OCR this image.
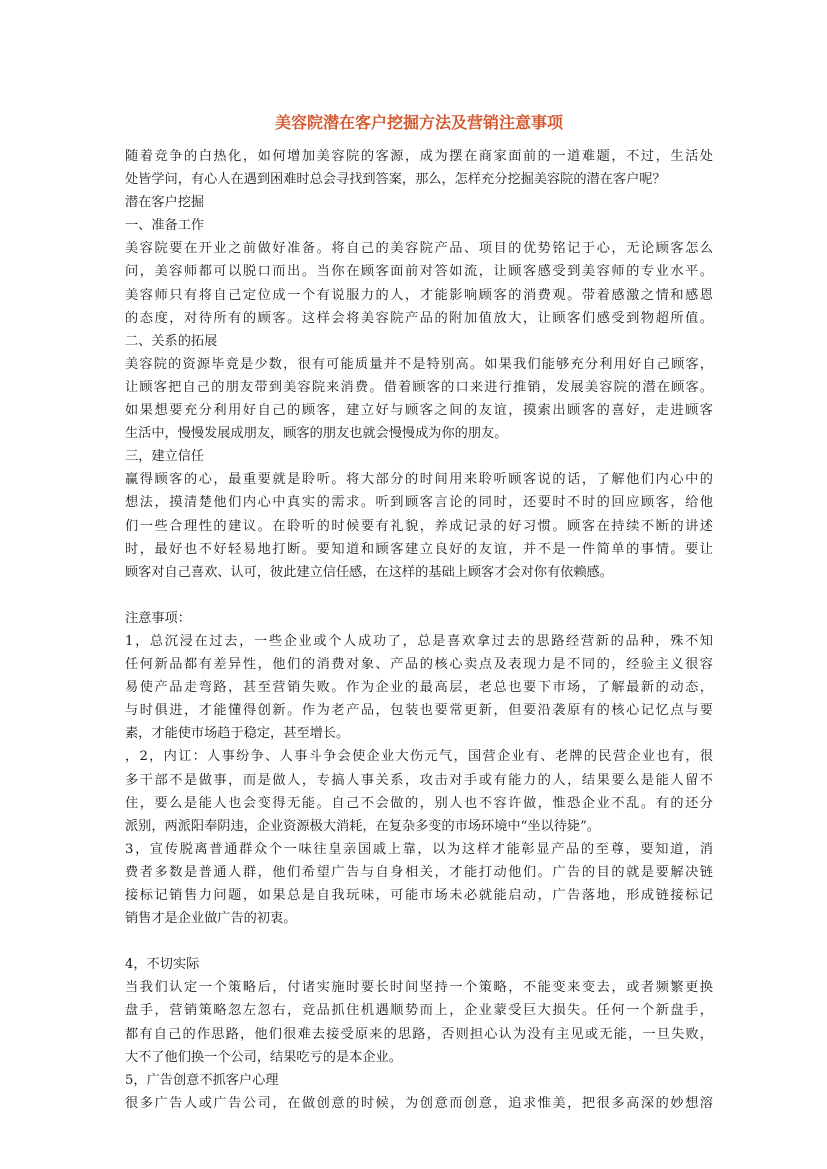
美容院潜在客户挖掘方法及营销注意事项
随着竞争的白热化，如何增加美容院的客源，成为摆在商家面前的一道难题，不过，生活处
处皆学问，有心人在遇到困难时总会寻找到答案，那么，怎样充分挖掘美容院的潜在客户呢？
潜在客户挖掘
一、准备工作
美容院要在开业之前做好准备。将自己的美容院产品、项目的优势铭记于心，无论顾客怎么
问，美容师都可以脱口而出。当你在顾客面前对答如流，让顾客感受到美容师的专业水平。
美容师只有将自己定位成一个有说服力的人，才能影响顾客的消费观。带着感激之情和感恩
的态度，对待所有的顾客。这样会将美容院产品的附加值放大，让顾客们感受到物超所值。
二、关系的拓展
美容院的资源毕竟是少数，很有可能质量并不是特别高。如果我们能够充分利用好自己顾客，
让顾客把自己的朋友带到美容院来消费。借着顾客的口来进行推销，发展美容院的潜在顾客。
如果想要充分利用好自己的顾客，建立好与顾客之间的友谊，摸索出顾客的喜好，走进顾客
生活中，慢慢发展成朋友，顾客的朋友也就会慢慢成为你的朋友。
三，建立信任
赢得顾客的心，最重要就是聆听。将大部分的时间用来聆听顾客说的话，了解他们内心中的
想法，摸清楚他们内心中真实的需求。听到顾客言论的同时，还要时不时的回应顾客，给他
们一些合理性的建议。在聆听的时候要有礼貌，养成记录的好习惯。顾客在持续不断的讲述
时，最好也不好轻易地打断。要知道和顾客建立良好的友谊，并不是一件简单的事情。要让
顾客对自己喜欢、认可，彼此建立信任感，在这样的基础上顾客才会对你有依赖感。
注意事项：
1，总沉浸在过去，一些企业或个人成功了，总是喜欢拿过去的思路经营新的品种，殊不知
任何新品都有差异性，他们的消费对象、产品的核心卖点及表现力是不同的，经验主义很容
易使产品走弯路，甚至营销失败。作为企业的最高层，老总也要下市场，了解最新的动态，
与时俱进，才能懂得创新。作为老产品，包装也要常更新，但要沿袭原有的核心记忆点与要
素，才能使市场趋于稳定，甚至增长。
，2，内讧：人事纷争、人事斗争会使企业大伤元气，国营企业有、老牌的民营企业也有，很
多干部不是做事，而是做人，专搞人事关系，攻击对手或有能力的人，结果要么是能人留不
住，要么是能人也会变得无能。自己不会做的，别人也不容许做，惟恐企业不乱。有的还分
派别，两派阳奉阴违，企业资源极大消耗，在复杂多变的市场环境中“坐以待毙”。
3，宣传脱离普通群众个一味往皇亲国戚上靠，以为这样才能彰显产品的至尊，要知道，消
费者多数是普通人群，他们希望广告与自身相关，才能打动他们。广告的目的就是要解决链
接标记销售力问题，如果总是自我玩味，可能市场未必就能启动，广告落地，形成链接标记
销售才是企业做广告的初衷。
4，不切实际
当我们认定一个策略后，付诸实施时要长时间坚持一个策略，不能变来变去，或者频繁更换
盘手，营销策略忽左忽右，竞品抓住机遇顺势而上，企业蒙受巨大损失。任何一个新盘手，
都有自己的作思路，他们很难去接受原来的思路，否则担心认为没有主见或无能，一旦失败，
大不了他们换一个公司，结果吃亏的是本企业。
5，广告创意不抓客户心理
很多广告人或广告公司，在做创意的时候，为创意而创意，追求惟美，把很多高深的妙想溶
